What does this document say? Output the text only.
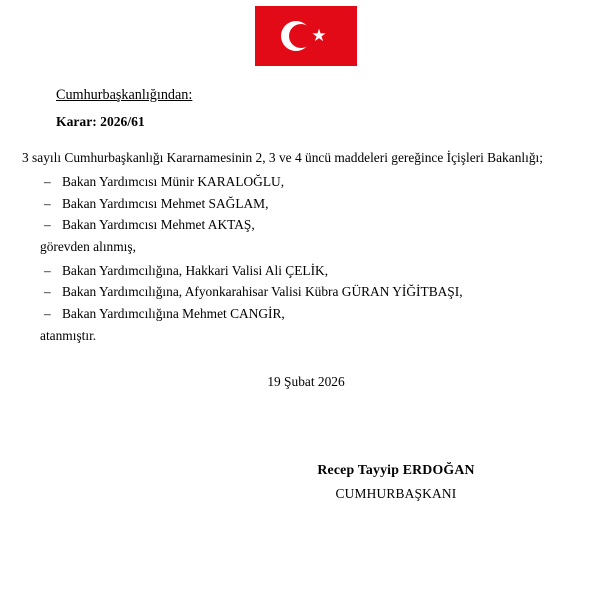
★
Cumhurbaşkanlığından:
Karar: 2026/61
3 sayılı Cumhurbaşkanlığı Kararnamesinin 2, 3 ve 4 üncü maddeleri gereğince İçişleri Bakanlığı;
– Bakan Yardımcısı Münir KARALOĞLU,
– Bakan Yardımcısı Mehmet SAĞLAM,
– Bakan Yardımcısı Mehmet AKTAŞ,
görevden alınmış,
– Bakan Yardımcılığına, Hakkari Valisi Ali ÇELİK,
– Bakan Yardımcılığına, Afyonkarahisar Valisi Kübra GÜRAN YİĞİTBAŞI,
– Bakan Yardımcılığına Mehmet CANGİR,
atanmıştır.
19 Şubat 2026
Recep Tayyip ERDOĞAN
CUMHURBAŞKANI
